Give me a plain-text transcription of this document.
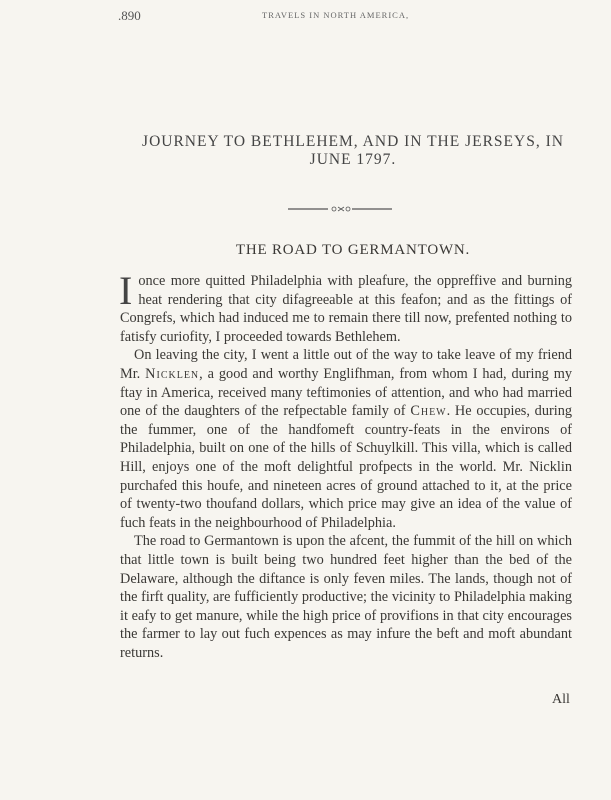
.890	TRAVELS IN NORTH AMERICA,
JOURNEY TO BETHLEHEM, AND IN THE JERSEYS, IN
JUNE 1797.
THE ROAD TO GERMANTOWN.

Ionce more quitted Philadelphia with pleafure, the oppreffive and burning heat rendering that city difagreeable at this feafon; and as the fittings of Congrefs, which had induced me to remain there till now, prefented nothing to fatisfy curiofity, I proceeded towards Bethlehem.

On leaving the city, I went a little out of the way to take leave of my friend Mr. Nicklen, a good and worthy Englifhman, from whom I had, during my ftay in America, received many teftimonies of attention, and who had married one of the daughters of the refpectable family of Chew. He occupies, during the fummer, one of the handfomeft country-feats in the environs of Philadelphia, built on one of the hills of Schuylkill. This villa, which is called Hill, enjoys one of the moft delightful profpects in the world. Mr. Nicklin purchafed this houfe, and nineteen acres of ground attached to it, at the price of twenty-two thoufand dollars, which price may give an idea of the value of fuch feats in the neighbourhood of Philadelphia.

The road to Germantown is upon the afcent, the fummit of the hill on which that little town is built being two hundred feet higher than the bed of the Delaware, although the diftance is only feven miles. The lands, though not of the firft quality, are fufficiently productive; the vicinity to Philadelphia making it eafy to get manure, while the high price of provifions in that city encourages the farmer to lay out fuch expences as may infure the beft and moft abundant returns.

All
